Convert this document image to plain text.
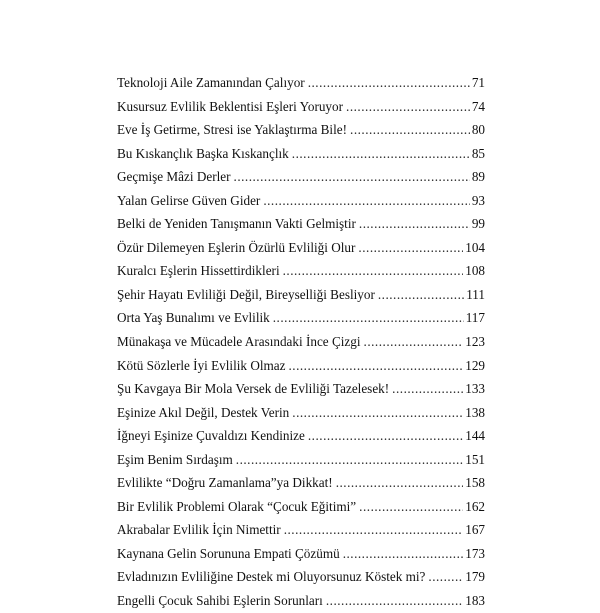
Teknoloji Aile Zamanından Çalıyor .....	71
Kusursuz Evlilik Beklentisi Eşleri Yoruyor .....	74
Eve İş Getirme, Stresi ise Yaklaştırma Bile! .....	80
Bu Kıskançlık Başka Kıskançlık .....	85
Geçmişe Mâzi Derler .....	89
Yalan Gelirse Güven Gider .....	93
Belki de Yeniden Tanışmanın Vakti Gelmiştir .....	99
Özür Dilemeyen Eşlerin Özürlü Evliliği Olur .....	104
Kuralcı Eşlerin Hissettirdikleri .....	108
Şehir Hayatı Evliliği Değil, Bireyselliği Besliyor .....	111
Orta Yaş Bunalımı ve Evlilik .....	117
Münakaşa ve Mücadele Arasındaki İnce Çizgi .....	123
Kötü Sözlerle İyi Evlilik Olmaz .....	129
Şu Kavgaya Bir Mola Versek de Evliliği Tazelesek! .....	133
Eşinize Akıl Değil, Destek Verin .....	138
İğneyi Eşinize Çuvaldızı Kendinize .....	144
Eşim Benim Sırdaşım .....	151
Evlilikte “Doğru Zamanlama”ya Dikkat! .....	158
Bir Evlilik Problemi Olarak “Çocuk Eğitimi” .....	162
Akrabalar Evlilik İçin Nimettir .....	167
Kaynana Gelin Sorununa Empati Çözümü .....	173
Evladınızın Evliliğine Destek mi Oluyorsunuz Köstek mi? .....	179
Engelli Çocuk Sahibi Eşlerin Sorunları .....	183
